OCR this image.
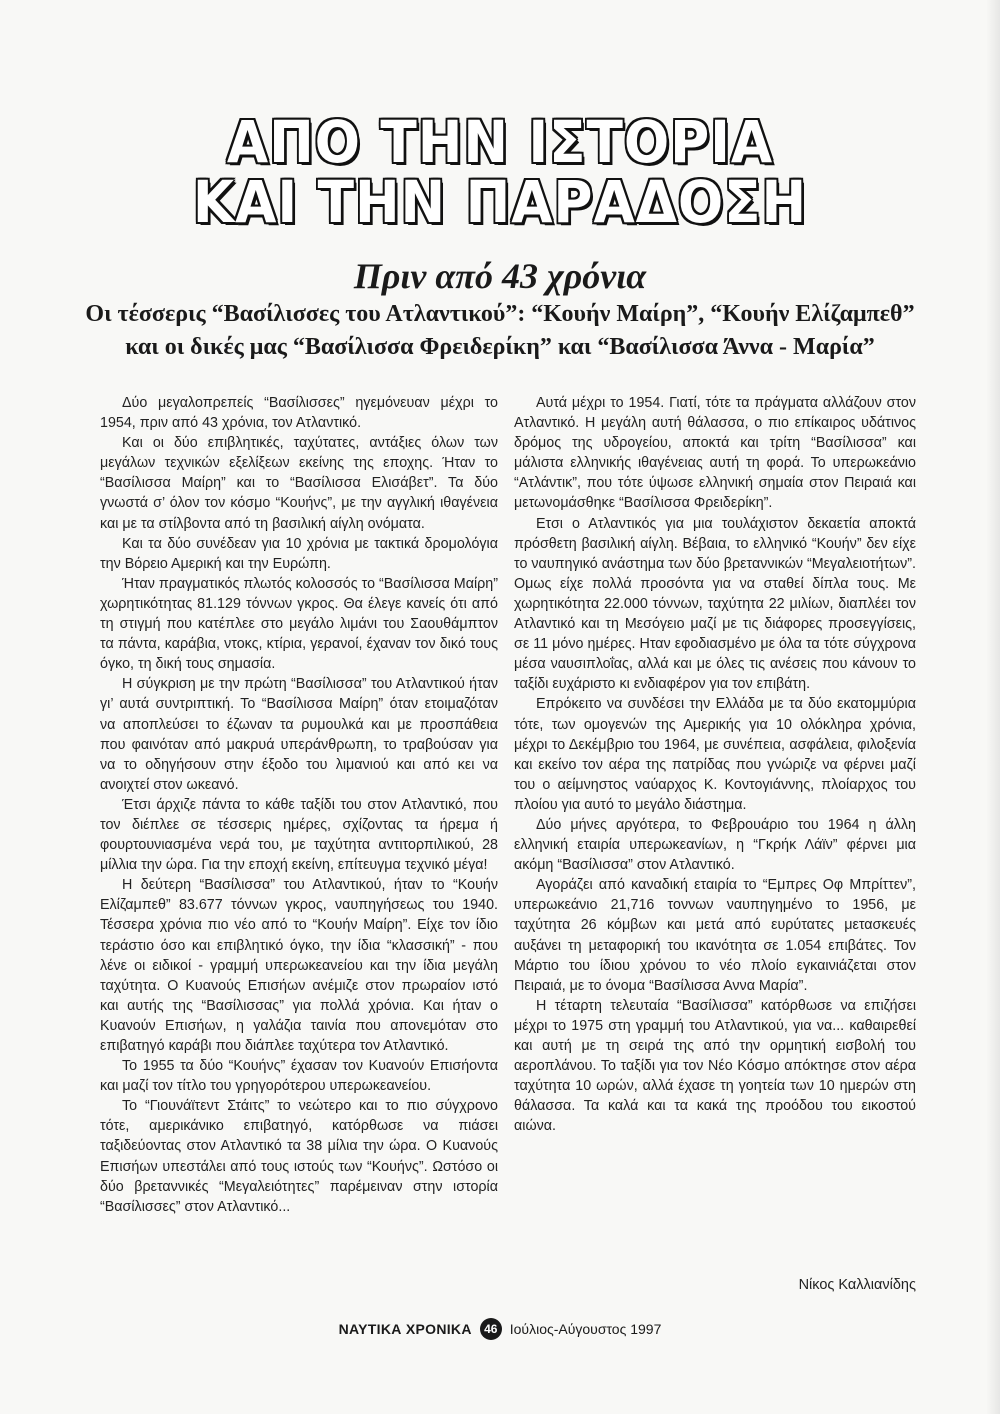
ΑΠΟ ΤΗΝ ΙΣΤΟΡΙΑ
ΚΑΙ ΤΗΝ ΠΑΡΑΔΟΣΗ
Πριν από 43 χρόνια
Οι τέσσερις “Βασίλισσες του Ατλαντικού”: “Κουήν Μαίρη”, “Κουήν Ελίζαμπεθ”
και οι δικές μας “Βασίλισσα Φρειδερίκη” και “Βασίλισσα Άννα - Μαρία”

Δύο μεγαλοπρεπείς “Βασίλισσες” ηγεμόνευαν μέχρι το 1954, πριν από 43 χρόνια, τον Ατλαντικό.

Και οι δύο επιβλητικές, ταχύτατες, αντάξιες όλων των μεγάλων τεχνικών εξελίξεων εκείνης της εποχης. Ήταν το “Βασίλισσα Μαίρη” και το “Βασίλισσα Ελισάβετ”. Τα δύο γνωστά σ’ όλον τον κόσμο “Κουήνς”, με την αγγλική ιθαγένεια και με τα στίλβοντα από τη βασιλική αίγλη ονόματα.

Και τα δύο συνέδεαν για 10 χρόνια με τακτικά δρομολόγια την Βόρειο Αμερική και την Ευρώπη.

Ήταν πραγματικός πλωτός κολοσσός το “Βασίλισσα Μαίρη” χωρητικότητας 81.129 τόννων γκρος. Θα έλεγε κανείς ότι από τη στιγμή που κατέπλεε στο μεγάλο λιμάνι του Σαουθάμπτον τα πάντα, καράβια, ντοκς, κτίρια, γερανοί, έχαναν τον δικό τους όγκο, τη δική τους σημασία.

Η σύγκριση με την πρώτη “Βασίλισσα” του Ατλαντικού ήταν γι’ αυτά συντριπτική. Το “Βασίλισσα Μαίρη” όταν ετοιμαζόταν να αποπλεύσει το έζωναν τα ρυμουλκά και με προσπάθεια που φαινόταν από μακρυά υπεράνθρωπη, το τραβούσαν για να το οδηγήσουν στην έξοδο του λιμανιού και από κει να ανοιχτεί στον ωκεανό.

Έτσι άρχιζε πάντα το κάθε ταξίδι του στον Ατλαντικό, που τον διέπλεε σε τέσσερις ημέρες, σχίζοντας τα ήρεμα ή φουρτουνιασμένα νερά του, με ταχύτητα αντιτορπιλικού, 28 μίλλια την ώρα. Για την εποχή εκείνη, επίτευγμα τεχνικό μέγα!

Η δεύτερη “Βασίλισσα” του Ατλαντικού, ήταν το “Κουήν Ελίζαμπεθ” 83.677 τόννων γκρος, ναυπηγήσεως του 1940. Τέσσερα χρόνια πιο νέο από το “Κουήν Μαίρη”. Είχε τον ίδιο τεράστιο όσο και επιβλητικό όγκο, την ίδια “κλασσική” - που λένε οι ειδικοί - γραμμή υπερωκεανείου και την ίδια μεγάλη ταχύτητα. Ο Κυανούς Επισήων ανέμιζε στον πρωραίον ιστό και αυτής της “Βασίλισσας” για πολλά χρόνια. Και ήταν ο Κυανούν Επισήων, η γαλάζια ταινία που απονεμόταν στο επιβατηγό καράβι που διάπλεε ταχύτερα τον Ατλαντικό.

Το 1955 τα δύο “Κουήνς” έχασαν τον Κυανούν Επισήοντα και μαζί τον τίτλο του γρηγορότερου υπερωκεανείου.

Το “Γιουνάϊτεντ Στάιτς” το νεώτερο και το πιο σύγχρονο τότε, αμερικάνικο επιβατηγό, κατόρθωσε να πιάσει ταξιδεύοντας στον Ατλαντικό τα 38 μίλια την ώρα. Ο Κυανούς Επισήων υπεστάλει από τους ιστούς των “Κουήνς”. Ωστόσο οι δύο βρεταννικές “Μεγαλειότητες” παρέμειναν στην ιστορία “Βασίλισσες” στον Ατλαντικό...

Αυτά μέχρι το 1954. Γιατί, τότε τα πράγματα αλλάζουν στον Ατλαντικό. Η μεγάλη αυτή θάλασσα, ο πιο επίκαιρος υδάτινος δρόμος της υδρογείου, αποκτά και τρίτη “Βασίλισσα” και μάλιστα ελληνικής ιθαγένειας αυτή τη φορά. Το υπερωκεάνιο “Ατλάντικ”, που τότε ύψωσε ελληνική σημαία στον Πειραιά και μετωνομάσθηκε “Βασίλισσα Φρειδερίκη”.

Ετσι ο Ατλαντικός για μια τουλάχιστον δεκαετία αποκτά πρόσθετη βασιλική αίγλη. Βέβαια, το ελληνικό “Κουήν” δεν είχε το ναυπηγικό ανάστημα των δύο βρεταννικών “Μεγαλειοτήτων”. Ομως είχε πολλά προσόντα για να σταθεί δίπλα τους. Με χωρητικότητα 22.000 τόννων, ταχύτητα 22 μιλίων, διαπλέει τον Ατλαντικό και τη Μεσόγειο μαζί με τις διάφορες προσεγγίσεις, σε 11 μόνο ημέρες. Ηταν εφοδιασμένο με όλα τα τότε σύγχρονα μέσα ναυσιπλοΐας, αλλά και με όλες τις ανέσεις που κάνουν το ταξίδι ευχάριστο κι ενδιαφέρον για τον επιβάτη.

Επρόκειτο να συνδέσει την Ελλάδα με τα δύο εκατομμύρια τότε, των ομογενών της Αμερικής για 10 ολόκληρα χρόνια, μέχρι το Δεκέμβριο του 1964, με συνέπεια, ασφάλεια, φιλοξενία και εκείνο τον αέρα της πατρίδας που γνώριζε να φέρνει μαζί του ο αείμνηστος ναύαρχος Κ. Κοντογιάννης, πλοίαρχος του πλοίου για αυτό το μεγάλο διάστημα.

Δύο μήνες αργότερα, το Φεβρουάριο του 1964 η άλλη ελληνική εταιρία υπερωκεανίων, η “Γκρήκ Λάϊν” φέρνει μια ακόμη “Βασίλισσα” στον Ατλαντικό.

Αγοράζει από καναδική εταιρία το “Εμπρες Οφ Μπρίττεν”, υπερωκεάνιο 21,716 τοννων ναυπηγημένο το 1956, με ταχύτητα 26 κόμβων και μετά από ευρύτατες μετασκευές αυξάνει τη μεταφορική του ικανότητα σε 1.054 επιβάτες. Τον Μάρτιο του ίδιου χρόνου το νέο πλοίο εγκαινιάζεται στον Πειραιά, με το όνομα “Βασίλισσα Αννα Μαρία”.

Η τέταρτη τελευταία “Βασίλισσα” κατόρθωσε να επιζήσει μέχρι το 1975 στη γραμμή του Ατλαντικού, για να... καθαιρεθεί και αυτή με τη σειρά της από την ορμητική εισβολή του αεροπλάνου. Το ταξίδι για τον Νέο Κόσμο απόκτησε στον αέρα ταχύτητα 10 ωρών, αλλά έχασε τη γοητεία των 10 ημερών στη θάλασσα. Τα καλά και τα κακά της προόδου του εικοστού αιώνα.

Νίκος Καλλιανίδης
ΝΑΥΤΙΚΑ ΧΡΟΝΙΚΑ	46 Ιούλιος-Αύγουστος 1997
